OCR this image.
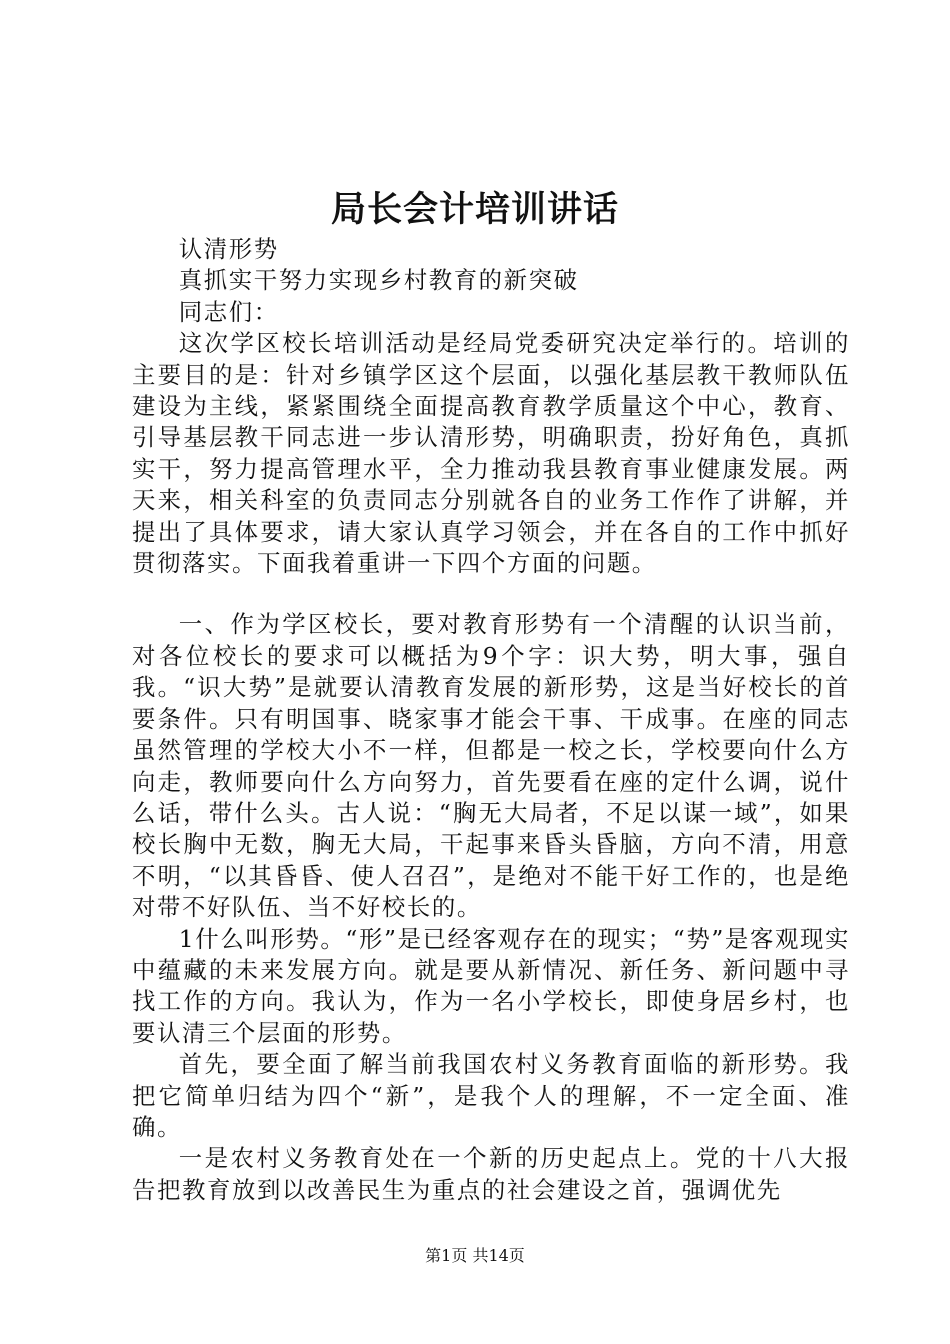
局长会计培训讲话

认清形势

真抓实干努力实现乡村教育的新突破

同志们：

这次学区校长培训活动是经局党委研究决定举行的。培训的主要目的是：针对乡镇学区这个层面，以强化基层教干教师队伍建设为主线，紧紧围绕全面提高教育教学质量这个中心，教育、引导基层教干同志进一步认清形势，明确职责，扮好角色，真抓实干，努力提高管理水平，全力推动我县教育事业健康发展。两天来，相关科室的负责同志分别就各自的业务工作作了讲解，并提出了具体要求，请大家认真学习领会，并在各自的工作中抓好贯彻落实。下面我着重讲一下四个方面的问题。

一、作为学区校长，要对教育形势有一个清醒的认识当前，对各位校长的要求可以概括为9个字：识大势，明大事，强自我。“识大势”是就要认清教育发展的新形势，这是当好校长的首要条件。只有明国事、晓家事才能会干事、干成事。在座的同志虽然管理的学校大小不一样，但都是一校之长，学校要向什么方向走，教师要向什么方向努力，首先要看在座的定什么调，说什么话，带什么头。古人说：“胸无大局者，不足以谋一域”，如果校长胸中无数，胸无大局，干起事来昏头昏脑，方向不清，用意不明，“以其昏昏、使人召召”，是绝对不能干好工作的，也是绝对带不好队伍、当不好校长的。

1什么叫形势。“形”是已经客观存在的现实；“势”是客观现实中蕴藏的未来发展方向。就是要从新情况、新任务、新问题中寻找工作的方向。我认为，作为一名小学校长，即使身居乡村，也要认清三个层面的形势。

首先，要全面了解当前我国农村义务教育面临的新形势。我把它简单归结为四个“新”，是我个人的理解，不一定全面、准确。

一是农村义务教育处在一个新的历史起点上。党的十八大报告把教育放到以改善民生为重点的社会建设之首，强调优先

第1页 共14页
